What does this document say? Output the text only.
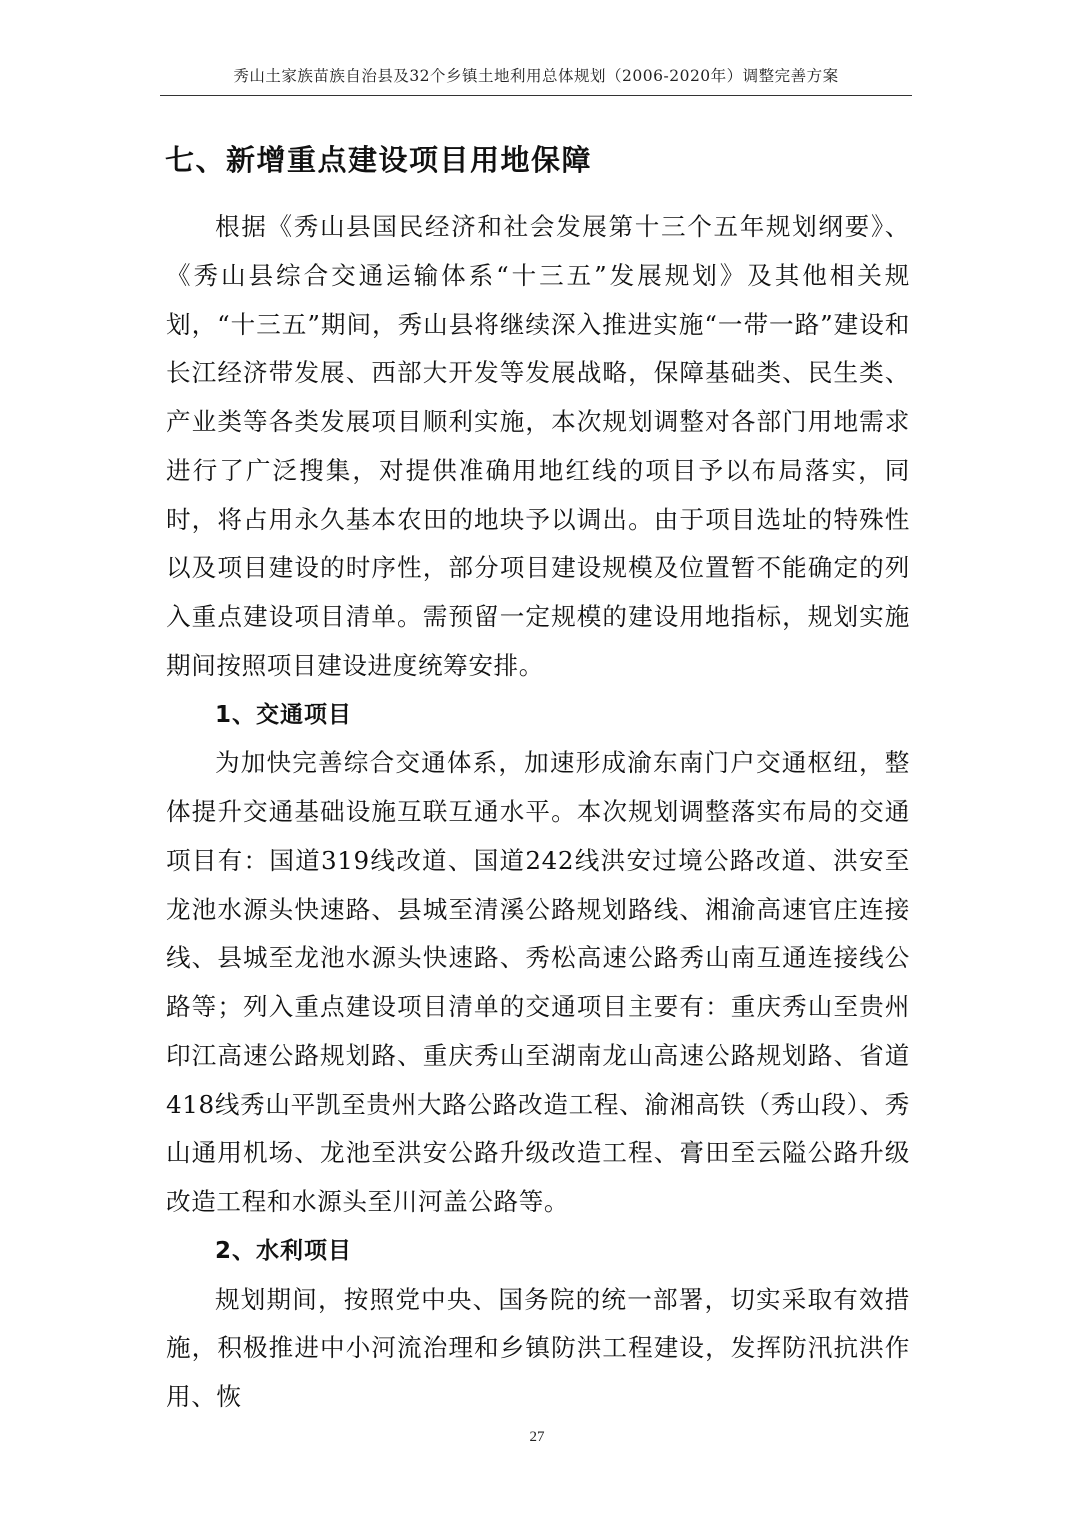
秀山土家族苗族自治县及32个乡镇土地利用总体规划（2006-2020年）调整完善方案
七、新增重点建设项目用地保障

根据《秀山县国民经济和社会发展第十三个五年规划纲要》、《秀山县综合交通运输体系“十三五”发展规划》及其他相关规划，“十三五”期间，秀山县将继续深入推进实施“一带一路”建设和长江经济带发展、西部大开发等发展战略，保障基础类、民生类、产业类等各类发展项目顺利实施，本次规划调整对各部门用地需求进行了广泛搜集，对提供准确用地红线的项目予以布局落实，同时，将占用永久基本农田的地块予以调出。由于项目选址的特殊性以及项目建设的时序性，部分项目建设规模及位置暂不能确定的列入重点建设项目清单。需预留一定规模的建设用地指标，规划实施期间按照项目建设进度统筹安排。

1、交通项目

为加快完善综合交通体系，加速形成渝东南门户交通枢纽，整体提升交通基础设施互联互通水平。本次规划调整落实布局的交通项目有：国道319线改道、国道242线洪安过境公路改道、洪安至龙池水源头快速路、县城至清溪公路规划路线、湘渝高速官庄连接线、县城至龙池水源头快速路、秀松高速公路秀山南互通连接线公路等；列入重点建设项目清单的交通项目主要有：重庆秀山至贵州印江高速公路规划路、重庆秀山至湖南龙山高速公路规划路、省道418线秀山平凯至贵州大路公路改造工程、渝湘高铁（秀山段）、秀山通用机场、龙池至洪安公路升级改造工程、膏田至云隘公路升级改造工程和水源头至川河盖公路等。

2、水利项目

规划期间，按照党中央、国务院的统一部署，切实采取有效措施，积极推进中小河流治理和乡镇防洪工程建设，发挥防汛抗洪作用、恢

27
